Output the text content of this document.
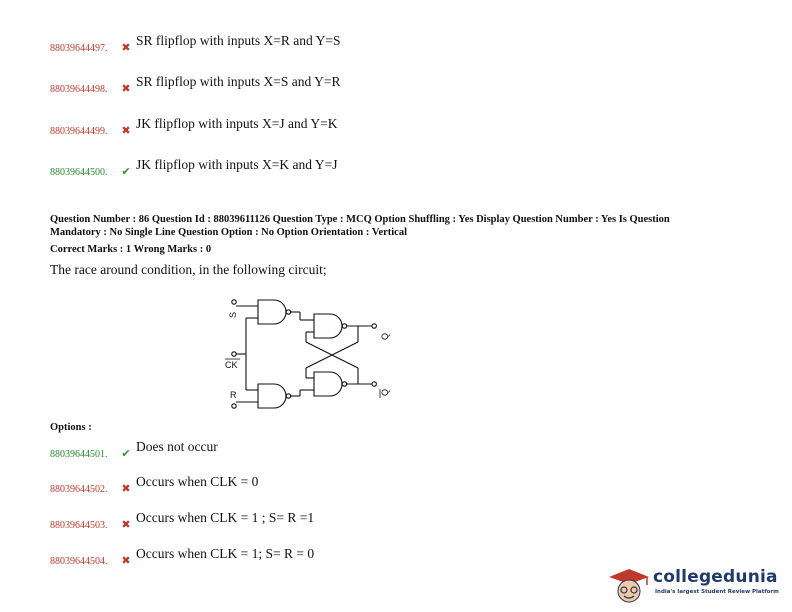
88039644497.	✖ SR flipflop with inputs X=R and Y=S
88039644498.	✖ SR flipflop with inputs X=S and Y=R
88039644499.	✖ JK flipflop with inputs X=J and Y=K
88039644500.	✔ JK flipflop with inputs X=K and Y=J
Question Number : 86 Question Id : 88039611126 Question Type : MCQ Option Shuffling : Yes Display Question Number : Yes Is Question
Mandatory : No Single Line Question Option : No Option Orientation : Vertical
Correct Marks : 1 Wrong Marks : 0
The race around condition, in the following circuit;
S
CK
R
Q
Q
Options :
88039644501.	✔ Does not occur
88039644502.	✖ Occurs when CLK = 0
88039644503.	✖ Occurs when CLK = 1 ; S= R =1
88039644504.	✖ Occurs when CLK = 1; S= R = 0
collegedunia
India's largest Student Review Platform
